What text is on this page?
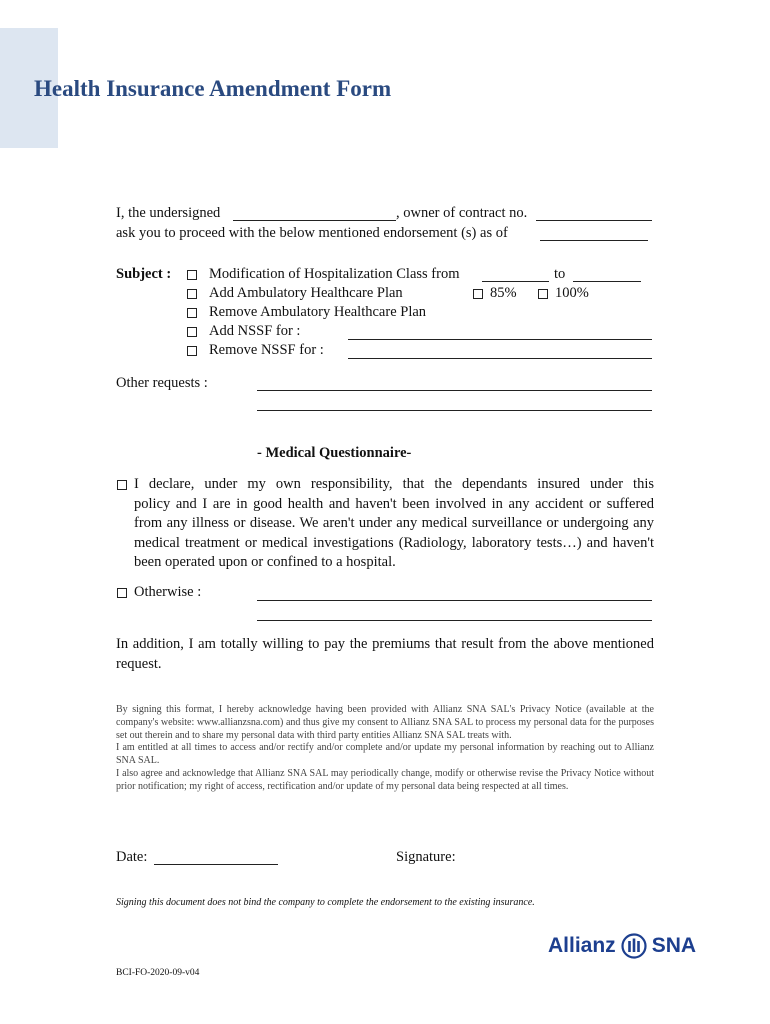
Health Insurance Amendment Form
I, the undersigned	, owner of contract no.
ask you to proceed with the below mentioned endorsement (s) as of
Subject :	Modification of Hospitalization Class from	to
Add Ambulatory Healthcare Plan	85%	100%
Remove Ambulatory Healthcare Plan
Add NSSF for :
Remove NSSF for :
Other requests :
- Medical Questionnaire-
I declare, under my own responsibility, that the dependants insured under this
policy and I are in good health and haven't been involved in any accident or suffered from any illness or disease. We aren't under any medical surveillance or undergoing any medical treatment or medical investigations (Radiology, laboratory tests…) and haven't been operated upon or confined to a hospital.
Otherwise :
In addition, I am totally willing to pay the premiums that result from the above mentioned request.
By signing this format, I hereby acknowledge having been provided with Allianz SNA SAL's Privacy Notice (available at the company's website: www.allianzsna.com) and thus give my consent to Allianz SNA SAL to process my personal data for the purposes set out therein and to share my personal data with third party entities Allianz SNA SAL treats with.
I am entitled at all times to access and/or rectify and/or complete and/or update my personal information by reaching out to Allianz SNA SAL.
I also agree and acknowledge that Allianz SNA SAL may periodically change, modify or otherwise revise the Privacy Notice without prior notification; my right of access, rectification and/or update of my personal data being respected at all times.
Date:	Signature:
Signing this document does not bind the company to complete the endorsement to the existing insurance.
Allianz SNA
BCI-FO-2020-09-v04
